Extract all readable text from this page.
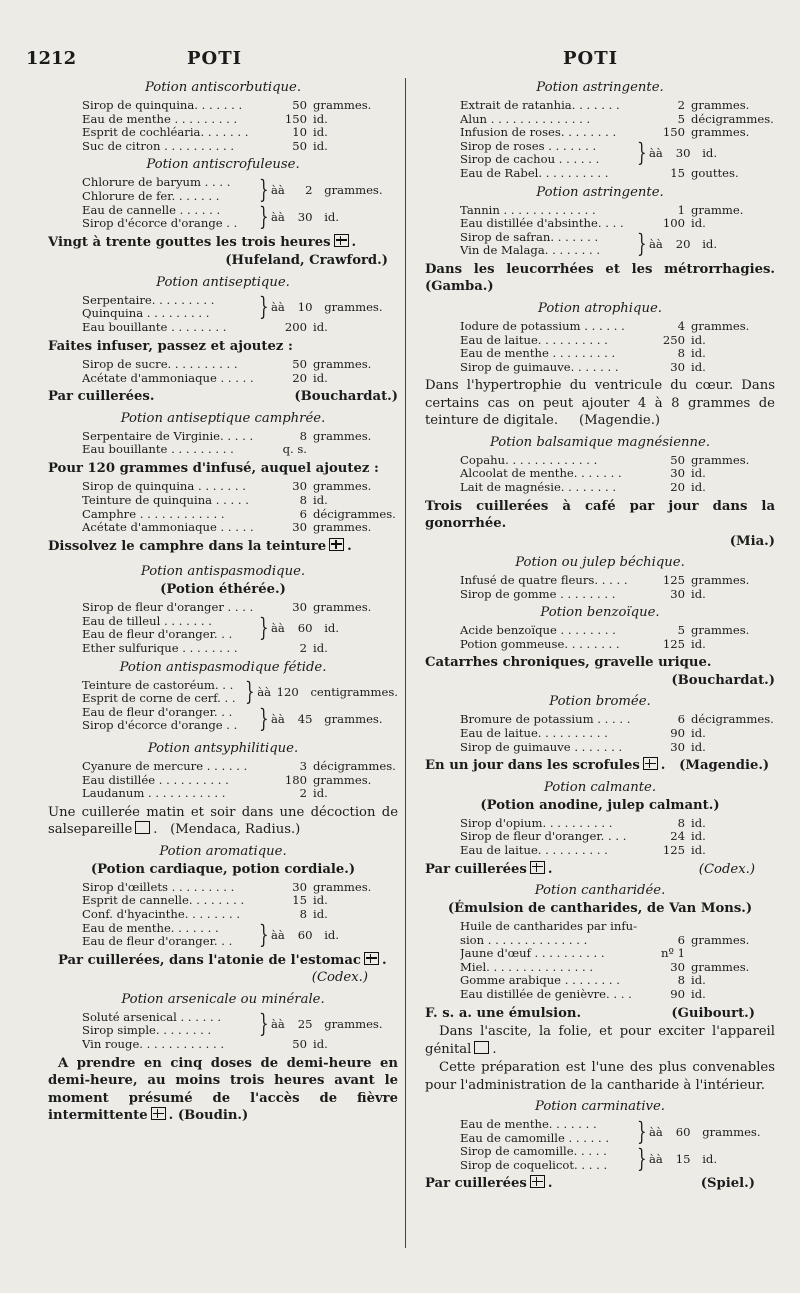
1212	POTI	POTI

Potion antiscorbutique.

Sirop de quinquina. . . . . . .	50 grammes.
Eau de menthe . . . . . . . . .	150 id.
Esprit de cochléaria. . . . . . .	10 id.
Suc de citron . . . . . . . . . .	50 id.

Potion antiscrofuleuse.

Chlorure de baryum . . . .
Chlorure de fer. . . . . . .	} àà 2 grammes.
Eau de cannelle . . . . . .
Sirop d'écorce d'orange . . } àà 30 id.
Vingt à trente gouttes les trois heures .
(Hufeland, Crawford.)

Potion antiseptique.

Serpentaire. . . . . . . . .
Quinquina . . . . . . . . .	} àà 10 grammes.
Eau bouillante . . . . . . . .	200 id.
Faites infuser, passez et ajoutez :
Sirop de sucre. . . . . . . . . .	50 grammes.
Acétate d'ammoniaque . . . . .	20 id.
Par cuillerées.	(Bouchardat.)

Potion antiseptique camphrée.

Serpentaire de Virginie. . . . .	8 grammes.
Eau bouillante . . . . . . . . .	q. s.
Pour 120 grammes d'infusé, auquel ajoutez :
Sirop de quinquina . . . . . . .	30 grammes.
Teinture de quinquina . . . . .	8 id.
Camphre . . . . . . . . . . . .	6 décigrammes.
Acétate d'ammoniaque . . . . .	30 grammes.
Dissolvez le camphre dans la teinture .

Potion antispasmodique.

(Potion éthérée.)

Sirop de fleur d'oranger . . . .	30 grammes.
Eau de tilleul . . . . . . .
Eau de fleur d'oranger. . .	} àà 60 id.
Ether sulfurique . . . . . . . .	2 id.

Potion antispasmodique fétide.

Teinture de castoréum. . .
Esprit de corne de cerf. . . } àà 120 centigrammes.
Eau de fleur d'oranger. . .
Sirop d'écorce d'orange . . } àà 45 grammes.

Potion antsyphilitique.

Cyanure de mercure . . . . . .	3 décigrammes.
Eau distillée . . . . . . . . . .	180 grammes.
Laudanum . . . . . . . . . . .	2 id.
Une cuillerée matin et soir dans une décoction de salsepareille .   (Mendaca, Radius.)

Potion aromatique.

(Potion cardiaque, potion cordiale.)

Sirop d'œillets . . . . . . . . .	30 grammes.
Esprit de cannelle. . . . . . . .	15 id.
Conf. d'hyacinthe. . . . . . . .	8 id.
Eau de menthe. . . . . . .
Eau de fleur d'oranger. . .	} àà 60 id.
Par cuillerées, dans l'atonie de l'estomac .
(Codex.)

Potion arsenicale ou minérale.

Soluté arsenical . . . . . .
Sirop simple. . . . . . . .	} àà 25 grammes.
Vin rouge. . . . . . . . . . . .	50 id.
A prendre en cinq doses de demi-heure en demi-heure, au moins trois heures avant le moment présumé de l'accès de fièvre intermittente . (Boudin.)

Potion astringente.

Extrait de ratanhia. . . . . . .	2 grammes.
Alun . . . . . . . . . . . . . .	5 décigrammes.
Infusion de roses. . . . . . . .	150 grammes.
Sirop de roses . . . . . . .
Sirop de cachou . . . . . .	} àà 30 id.
Eau de Rabel. . . . . . . . . .	15 gouttes.

Potion astringente.

Tannin . . . . . . . . . . . . .	1 gramme.
Eau distillée d'absinthe. . . .	100 id.
Sirop de safran. . . . . . .
Vin de Malaga. . . . . . . .	} àà 20 id.
Dans les leucorrhées et les métrorrhagies. (Gamba.)

Potion atrophique.

Iodure de potassium . . . . . .	4 grammes.
Eau de laitue. . . . . . . . . .	250 id.
Eau de menthe . . . . . . . . .	8 id.
Sirop de guimauve. . . . . . .	30 id.
Dans l'hypertrophie du ventricule du cœur. Dans certains cas on peut ajouter 4 à 8 grammes de teinture de digitale. (Magendie.)

Potion balsamique magnésienne.

Copahu. . . . . . . . . . . . .	50 grammes.
Alcoolat de menthe. . . . . . .	30 id.
Lait de magnésie. . . . . . . .	20 id.
Trois cuillerées à café par jour dans la gonorrhée.
(Mia.)

Potion ou julep béchique.

Infusé de quatre fleurs. . . . .	125 grammes.
Sirop de gomme . . . . . . . .	30 id.

Potion benzoïque.

Acide benzoïque . . . . . . . .	5 grammes.
Potion gommeuse. . . . . . . .	125 id.
Catarrhes chroniques, gravelle urique.
(Bouchardat.)

Potion bromée.

Bromure de potassium . . . . .	6 décigrammes.
Eau de laitue. . . . . . . . . .	90 id.
Sirop de guimauve . . . . . . .	30 id.
En un jour dans les scrofules .   (Magendie.)

Potion calmante.

(Potion anodine, julep calmant.)

Sirop d'opium. . . . . . . . . .	8 id.
Sirop de fleur d'oranger. . . .	24 id.
Eau de laitue. . . . . . . . . .	125 id.
Par cuillerées .	(Codex.)

Potion cantharidée.

(Émulsion de cantharides, de Van Mons.)

Huile de cantharides par infu-
sion . . . . . . . . . . . . . .	6 grammes.
Jaune d'œuf . . . . . . . . . .	nº 1
Miel. . . . . . . . . . . . . . .	30 grammes.
Gomme arabique . . . . . . . .	8 id.
Eau distillée de genièvre. . . .	90 id.
F. s. a. une émulsion.	(Guibourt.)
Dans l'ascite, la folie, et pour exciter l'appareil génital .
Cette préparation est l'une des plus convenables pour l'administration de la cantharide à l'intérieur.

Potion carminative.

Eau de menthe. . . . . . .
Eau de camomille . . . . . .	} àà 60 grammes.
Sirop de camomille. . . . .
Sirop de coquelicot. . . . .	} àà 15 id.
Par cuillerées .	(Spiel.)
